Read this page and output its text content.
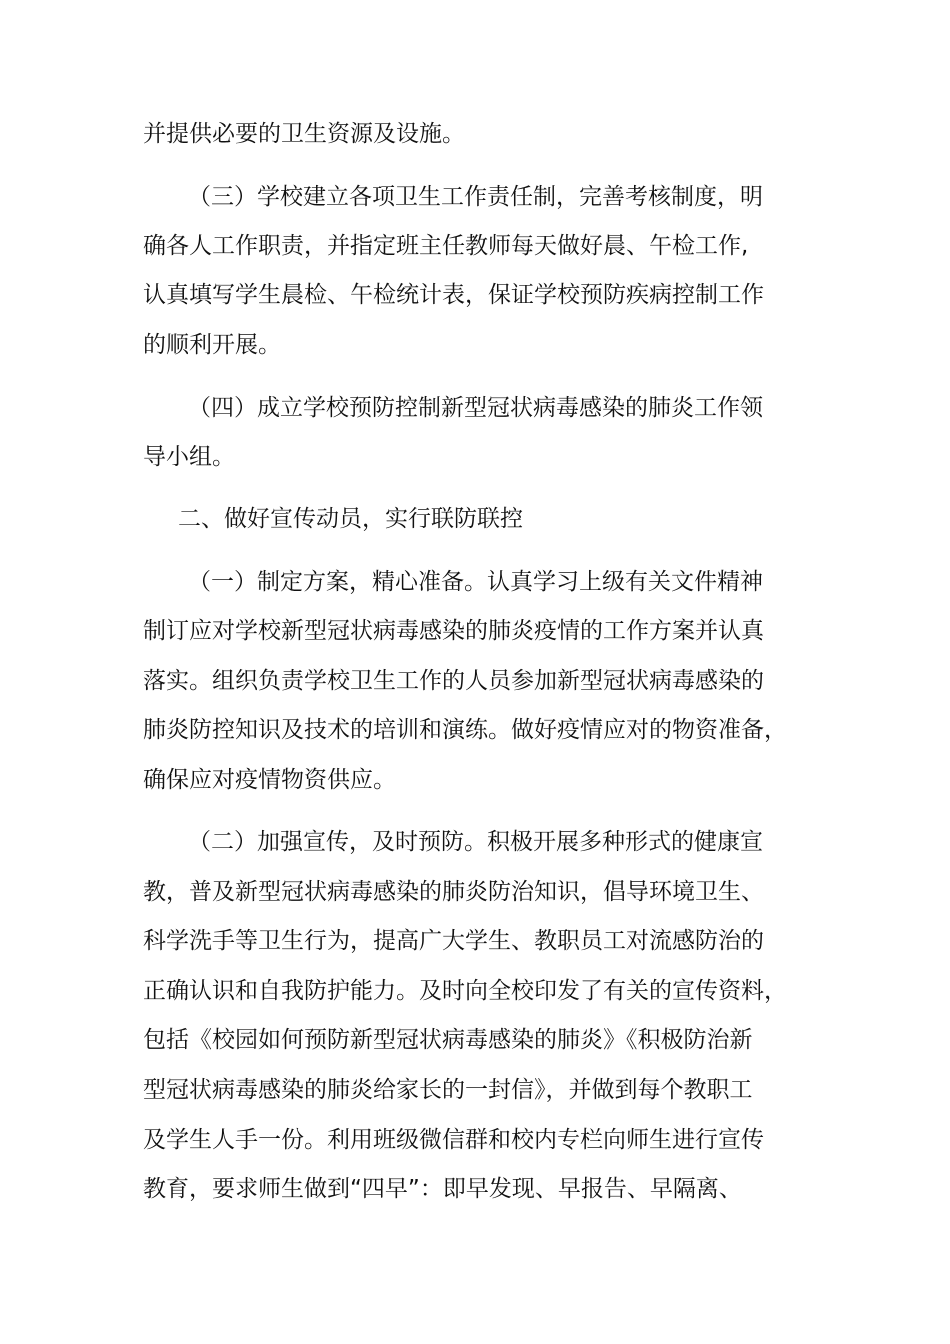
并提供必要的卫生资源及设施。
（三）学校建立各项卫生工作责任制，完善考核制度，明
确各人工作职责，并指定班主任教师每天做好晨、午检工作,
认真填写学生晨检、午检统计表，保证学校预防疾病控制工作
的顺利开展。
（四）成立学校预防控制新型冠状病毒感染的肺炎工作领
导小组。
二、做好宣传动员，实行联防联控
（一）制定方案，精心准备。认真学习上级有关文件精神
制订应对学校新型冠状病毒感染的肺炎疫情的工作方案并认真
落实。组织负责学校卫生工作的人员参加新型冠状病毒感染的
肺炎防控知识及技术的培训和演练。做好疫情应对的物资准备，
确保应对疫情物资供应。
（二）加强宣传，及时预防。积极开展多种形式的健康宣
教，普及新型冠状病毒感染的肺炎防治知识，倡导环境卫生、
科学洗手等卫生行为，提高广大学生、教职员工对流感防治的
正确认识和自我防护能力。及时向全校印发了有关的宣传资料，
包括《校园如何预防新型冠状病毒感染的肺炎》《积极防治新
型冠状病毒感染的肺炎给家长的一封信》，并做到每个教职工
及学生人手一份。利用班级微信群和校内专栏向师生进行宣传
教育，要求师生做到“四早”：即早发现、早报告、早隔离、
